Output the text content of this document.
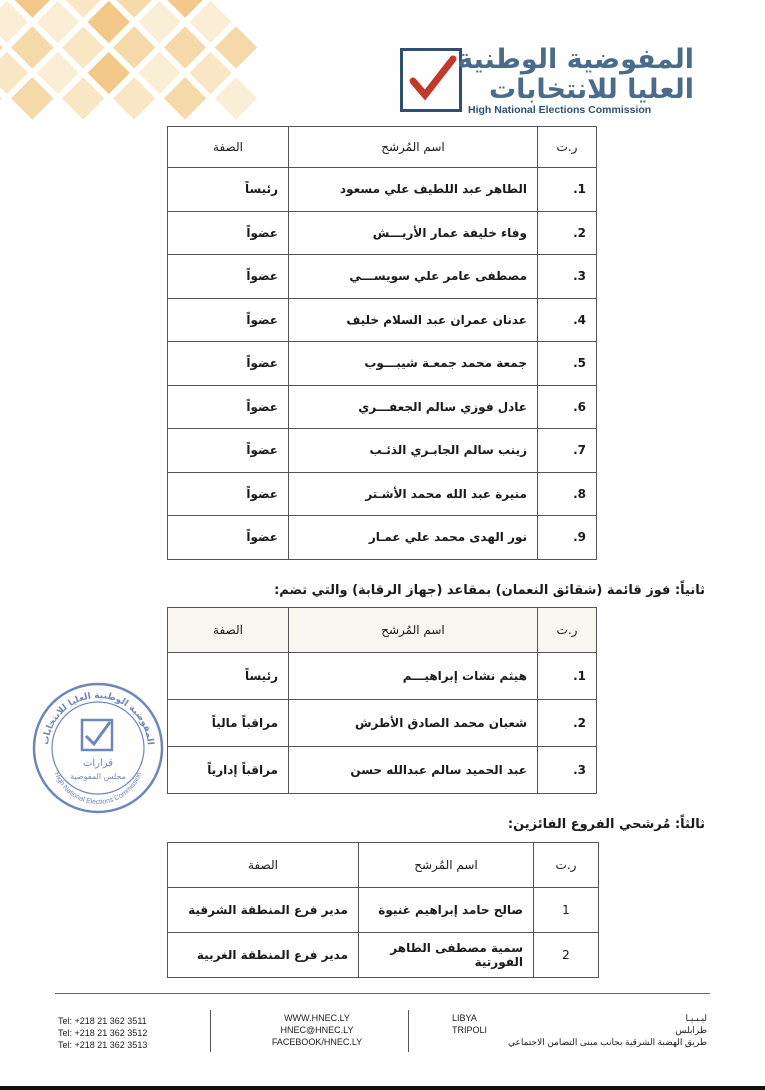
المفوضية الوطنية
العليا للانتخابات
High National Elections Commission
ر.ت	اسم المُرشح	الصفة
1.	الطاهر عبد اللطيف علي مسعود	رئيساً
2.	وفاء خليفة عمار الأريـــش	عضواً
3.	مصطفى عامر علي سويســـي	عضواً
4.	عدنان عمران عبد السلام خليف	عضواً
5.	جمعة محمد جمعـة شيبـــوب	عضواً
6.	عادل فوزي سالم الجعفـــري	عضواً
7.	زينب سالم الجابـري الذئـب	عضواً
8.	منيرة عبد الله محمد الأشـتر	عضواً
9.	نور الهدى محمد علي عمـار	عضواً
ثانياً: فوز قائمة (شقائق النعمان) بمقاعد (جهاز الرقابة) والتي تضم:
ر.ت	اسم المُرشح	الصفة
1.	هيثم نشات إبراهيـــم	رئيساً
2.	شعبان محمد الصادق الأطرش	مراقباً مالياً
3.	عبد الحميد سالم عبدالله حسن	مراقباً إدارياً
المفوضية الوطنية العليا للانتخابات
High National Elections Commission
قرارات
مجلس المفوضية
ثالثاً: مُرشحي الفروع الفائزين:
ر.ت	اسم المُرشح	الصفة
1	صالح حامد إبراهيم غنيوة	مدير فرع المنطقة الشرقية
2	سمية مصطفى الطاهر الفورتية	مدير فرع المنطقة الغربية
Tel: +218 21 362 3511
Tel: +218 21 362 3512
Tel: +218 21 362 3513
WWW.HNEC.LY
HNEC@HNEC.LY
FACEBOOK/HNEC.LY
LIBYA
TRIPOLI
ليـبـيـا
طرابلس
طريق الهضبة الشرقية بجانب مبنى التضامن الاجتماعي
